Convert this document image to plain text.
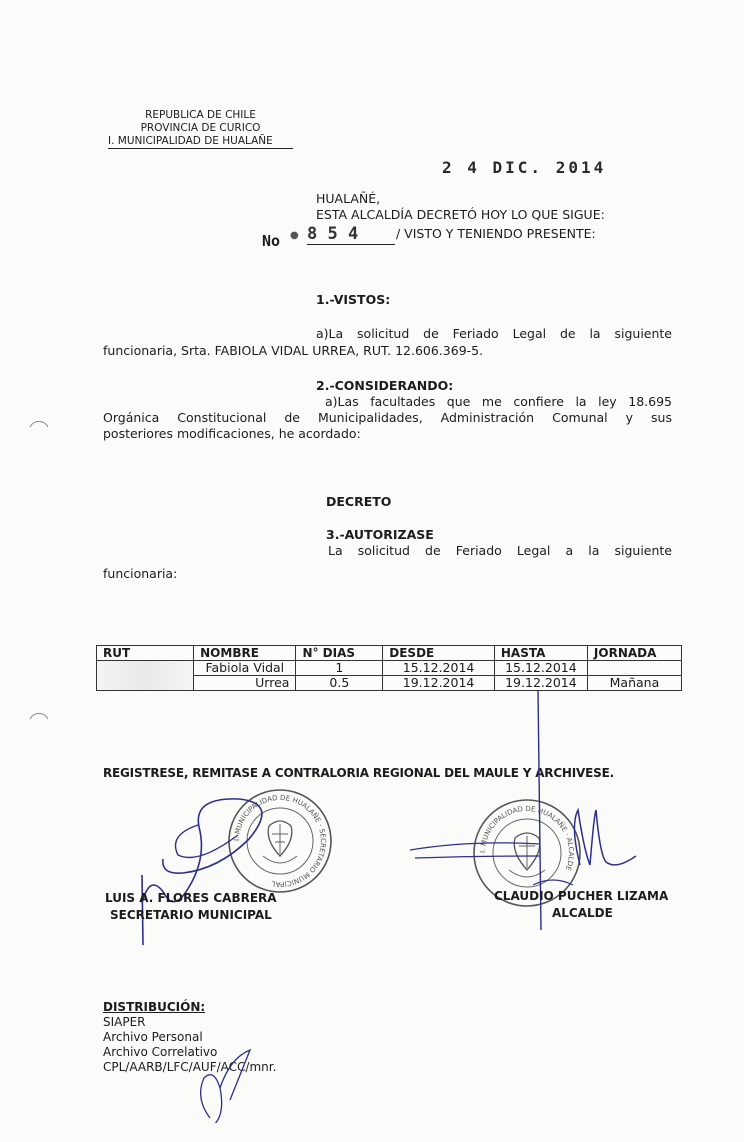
REPUBLICA DE CHILE
PROVINCIA DE CURICO
I. MUNICIPALIDAD DE HUALAÑE
2 4 DIC. 2014
HUALAÑÉ,
ESTA ALCALDÍA DECRETÓ HOY LO QUE SIGUE:
No ● 8 5 4	/ VISTO Y TENIENDO PRESENTE:
1.-VISTOS:
a)La solicitud de Feriado Legal de la siguiente
funcionaria, Srta. FABIOLA VIDAL URREA, RUT. 12.606.369-5.
2.-CONSIDERANDO:
a)Las facultades que me confiere la ley 18.695
Orgánica Constitucional de Municipalidades, Administración Comunal y sus
posteriores modificaciones, he acordado:
DECRETO
3.-AUTORIZASE
La solicitud de Feriado Legal a la siguiente
funcionaria:
RUT	NOMBRE	N° DIAS	DESDE	HASTA	JORNADA
	Fabiola Vidal	1	15.12.2014	15.12.2014	
	Urrea	0.5	19.12.2014	19.12.2014	Mañana
REGISTRESE, REMITASE A CONTRALORIA REGIONAL DEL MAULE Y ARCHIVESE.
I. MUNICIPALIDAD DE HUALAÑE · SECRETARIO MUNICIPAL
LUIS A. FLORES CABRERA
SECRETARIO MUNICIPAL
I. MUNICIPALIDAD DE HUALAÑE · ALCALDE
CLAUDIO PUCHER LIZAMA
ALCALDE
DISTRIBUCIÓN:
SIAPER
Archivo Personal
Archivo Correlativo
CPL/AARB/LFC/AUF/ACC/mnr.
